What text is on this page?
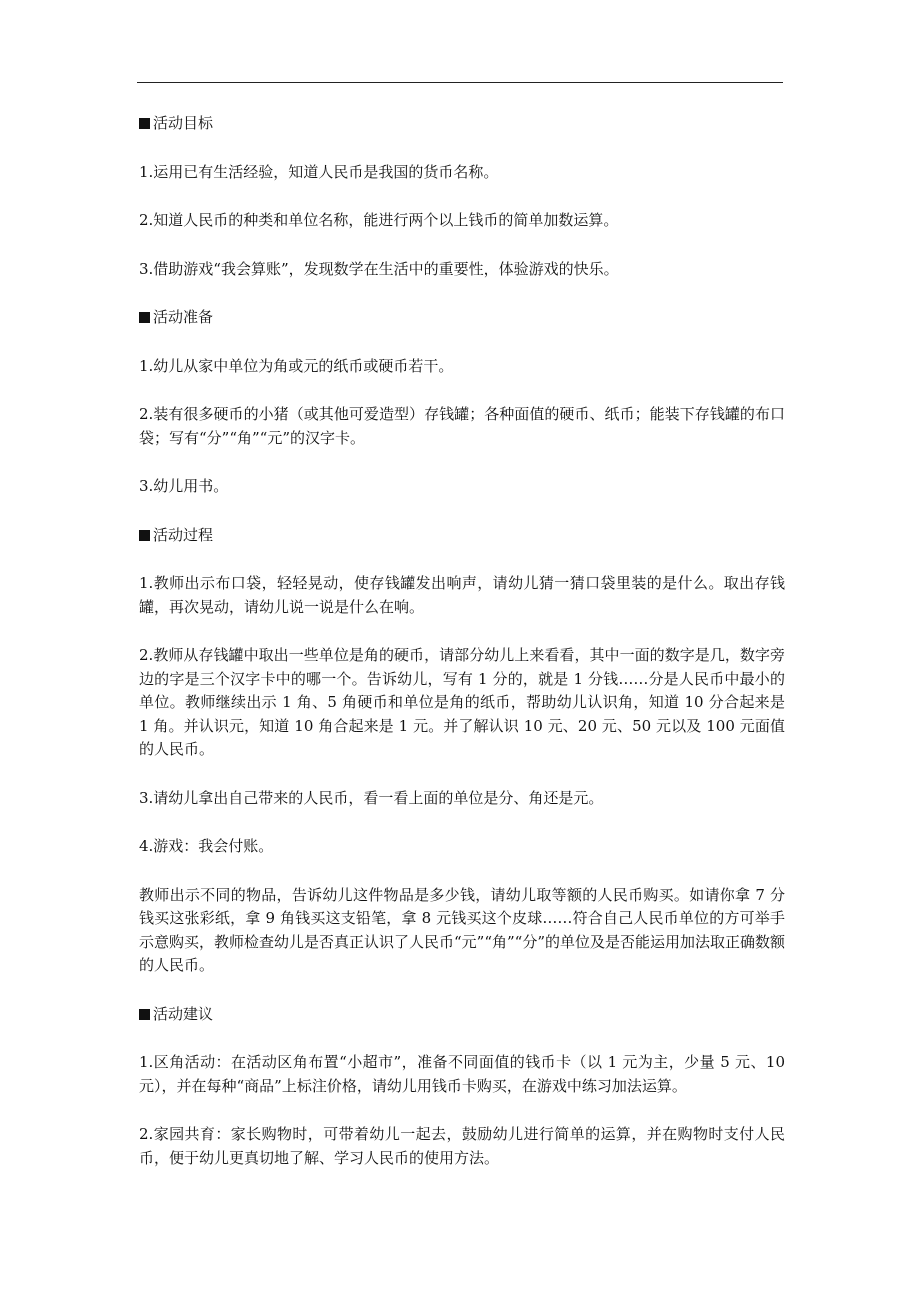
活动目标

1.运用已有生活经验，知道人民币是我国的货币名称。

2.知道人民币的种类和单位名称，能进行两个以上钱币的简单加数运算。

3.借助游戏“我会算账”，发现数学在生活中的重要性，体验游戏的快乐。

活动准备

1.幼儿从家中单位为角或元的纸币或硬币若干。

2.装有很多硬币的小猪（或其他可爱造型）存钱罐；各种面值的硬币、纸币；能装下存钱罐的布口袋；写有“分”“角”“元”的汉字卡。

3.幼儿用书。

活动过程

1.教师出示布口袋，轻轻晃动，使存钱罐发出响声，请幼儿猜一猜口袋里装的是什么。取出存钱罐，再次晃动，请幼儿说一说是什么在响。

2.教师从存钱罐中取出一些单位是角的硬币，请部分幼儿上来看看，其中一面的数字是几，数字旁边的字是三个汉字卡中的哪一个。告诉幼儿，写有 1 分的，就是 1 分钱……分是人民币中最小的单位。教师继续出示 1 角、5 角硬币和单位是角的纸币，帮助幼儿认识角，知道 10 分合起来是 1 角。并认识元，知道 10 角合起来是 1 元。并了解认识 10 元、20 元、50 元以及 100 元面值的人民币。

3.请幼儿拿出自己带来的人民币，看一看上面的单位是分、角还是元。

4.游戏：我会付账。

教师出示不同的物品，告诉幼儿这件物品是多少钱，请幼儿取等额的人民币购买。如请你拿 7 分钱买这张彩纸，拿 9 角钱买这支铅笔，拿 8 元钱买这个皮球……符合自己人民币单位的方可举手示意购买，教师检查幼儿是否真正认识了人民币“元”“角”“分”的单位及是否能运用加法取正确数额的人民币。

活动建议

1.区角活动：在活动区角布置“小超市”，准备不同面值的钱币卡（以 1 元为主，少量 5 元、10 元），并在每种“商品”上标注价格，请幼儿用钱币卡购买，在游戏中练习加法运算。

2.家园共育：家长购物时，可带着幼儿一起去，鼓励幼儿进行简单的运算，并在购物时支付人民币，便于幼儿更真切地了解、学习人民币的使用方法。
